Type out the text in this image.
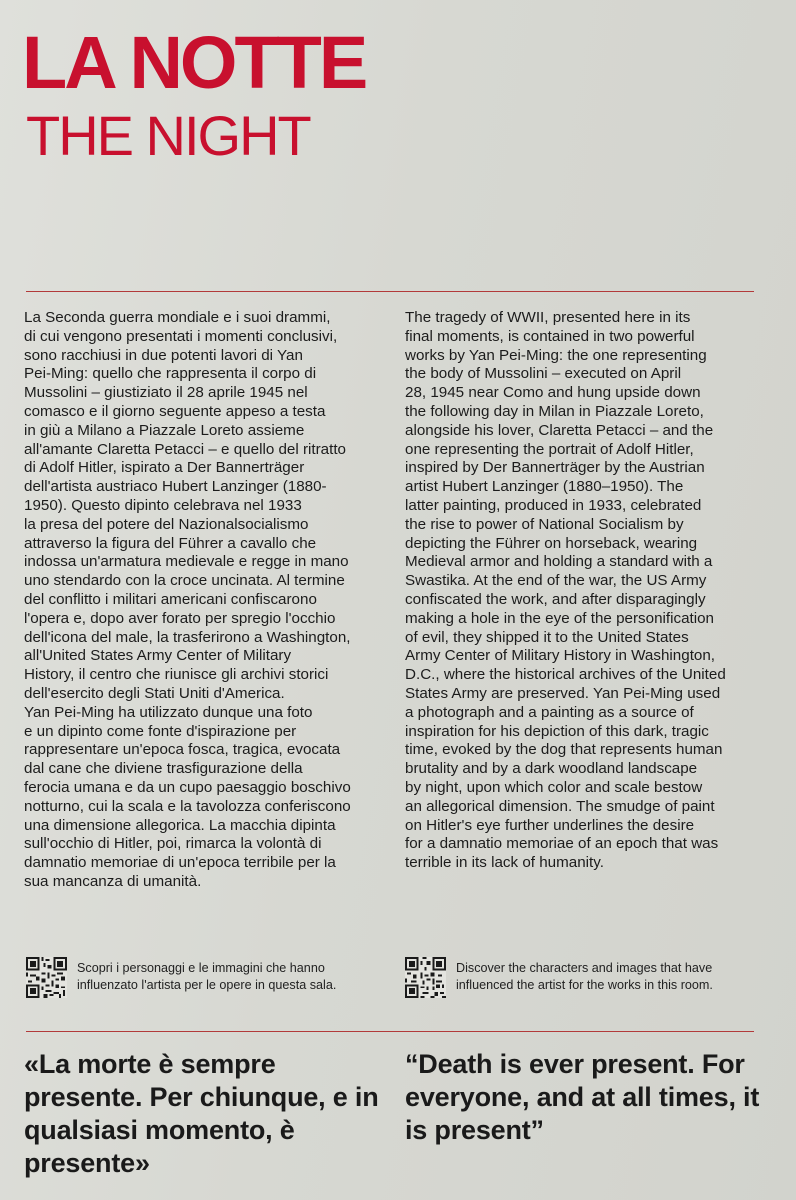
LA NOTTE
THE NIGHT

La Seconda guerra mondiale e i suoi drammi,

di cui vengono presentati i momenti conclusivi,

sono racchiusi in due potenti lavori di Yan

Pei-Ming: quello che rappresenta il corpo di

Mussolini – giustiziato il 28 aprile 1945 nel

comasco e il giorno seguente appeso a testa

in giù a Milano a Piazzale Loreto assieme

all'amante Claretta Petacci – e quello del ritratto

di Adolf Hitler, ispirato a Der Bannerträger

dell'artista austriaco Hubert Lanzinger (1880-

1950). Questo dipinto celebrava nel 1933

la presa del potere del Nazionalsocialismo

attraverso la figura del Führer a cavallo che

indossa un'armatura medievale e regge in mano

uno stendardo con la croce uncinata. Al termine

del conflitto i militari americani confiscarono

l'opera e, dopo aver forato per spregio l'occhio

dell'icona del male, la trasferirono a Washington,

all'United States Army Center of Military

History, il centro che riunisce gli archivi storici

dell'esercito degli Stati Uniti d'America.

Yan Pei-Ming ha utilizzato dunque una foto

e un dipinto come fonte d'ispirazione per

rappresentare un'epoca fosca, tragica, evocata

dal cane che diviene trasfigurazione della

ferocia umana e da un cupo paesaggio boschivo

notturno, cui la scala e la tavolozza conferiscono

una dimensione allegorica. La macchia dipinta

sull'occhio di Hitler, poi, rimarca la volontà di

damnatio memoriae di un'epoca terribile per la

sua mancanza di umanità.

The tragedy of WWII, presented here in its

final moments, is contained in two powerful

works by Yan Pei-Ming: the one representing

the body of Mussolini – executed on April

28, 1945 near Como and hung upside down

the following day in Milan in Piazzale Loreto,

alongside his lover, Claretta Petacci – and the

one representing the portrait of Adolf Hitler,

inspired by Der Bannerträger by the Austrian

artist Hubert Lanzinger (1880–1950). The

latter painting, produced in 1933, celebrated

the rise to power of National Socialism by

depicting the Führer on horseback, wearing

Medieval armor and holding a standard with a

Swastika. At the end of the war, the US Army

confiscated the work, and after disparagingly

making a hole in the eye of the personification

of evil, they shipped it to the United States

Army Center of Military History in Washington,

D.C., where the historical archives of the United

States Army are preserved. Yan Pei-Ming used

a photograph and a painting as a source of

inspiration for his depiction of this dark, tragic

time, evoked by the dog that represents human

brutality and by a dark woodland landscape

by night, upon which color and scale bestow

an allegorical dimension. The smudge of paint

on Hitler's eye further underlines the desire

for a damnatio memoriae of an epoch that was

terrible in its lack of humanity.

Scopri i personaggi e le immagini che hanno influenzato l'artista per le opere in questa sala.
Discover the characters and images that have influenced the artist for the works in this room.
«La morte è sempre presente. Per chiunque, e in qualsiasi momento, è presente»
“Death is ever present. For everyone, and at all times, it is present”
